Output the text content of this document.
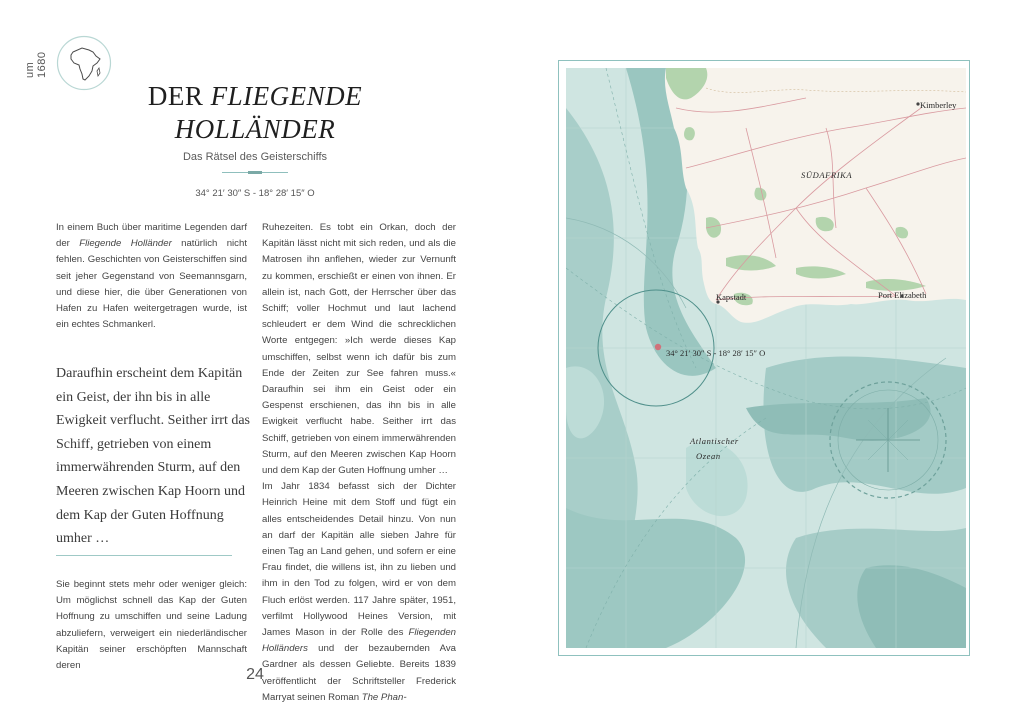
um 1680
DER FLIEGENDE
HOLLÄNDER
Das Rätsel des Geisterschiffs
34° 21′ 30″ S - 18° 28′ 15″ O
In einem Buch über maritime Legenden darf der Fliegende Holländer natürlich nicht fehlen. Geschichten von Geisterschiffen sind seit jeher Gegenstand von Seemannsgarn, und diese hier, die über Generationen von Hafen zu Hafen weitergetragen wurde, ist ein echtes Schmankerl.
Daraufhin erscheint dem Kapitän ein Geist, der ihn bis in alle Ewigkeit verflucht. Seither irrt das Schiff, getrieben von einem immerwährenden Sturm, auf den Meeren zwischen Kap Hoorn und dem Kap der Guten Hoffnung umher …
Sie beginnt stets mehr oder weniger gleich: Um möglichst schnell das Kap der Guten Hoffnung zu umschiffen und seine Ladung abzuliefern, verweigert ein niederländischer Kapitän seiner erschöpften Mannschaft deren
Ruhezeiten. Es tobt ein Orkan, doch der Kapitän lässt nicht mit sich reden, und als die Matrosen ihn anflehen, wieder zur Vernunft zu kommen, erschießt er einen von ihnen. Er allein ist, nach Gott, der Herrscher über das Schiff; voller Hochmut und laut lachend schleudert er dem Wind die schrecklichen Worte entgegen: »Ich werde dieses Kap umschiffen, selbst wenn ich dafür bis zum Ende der Zeiten zur See fahren muss.« Daraufhin sei ihm ein Geist oder ein Gespenst erschienen, das ihn bis in alle Ewigkeit verflucht habe. Seither irrt das Schiff, getrieben von einem immerwährenden Sturm, auf den Meeren zwischen Kap Hoorn und dem Kap der Guten Hoffnung umher …
Im Jahr 1834 befasst sich der Dichter Heinrich Heine mit dem Stoff und fügt ein alles entscheidendes Detail hinzu. Von nun an darf der Kapitän alle sieben Jahre für einen Tag an Land gehen, und sofern er eine Frau findet, die willens ist, ihn zu lieben und ihm in den Tod zu folgen, wird er von dem Fluch erlöst werden. 117 Jahre später, 1951, verfilmt Hollywood Heines Version, mit James Mason in der Rolle des Fliegenden Holländers und der bezaubernden Ava Gardner als dessen Geliebte. Bereits 1839 veröffentlicht der Schriftsteller Frederick Marryat seinen Roman The Phan-
24
Kimberley
SÜDAFRIKA
Kapstadt	Port Elizabeth
34° 21′ 30″ S - 18° 28′ 15″ O
Atlantischer
Ozean
